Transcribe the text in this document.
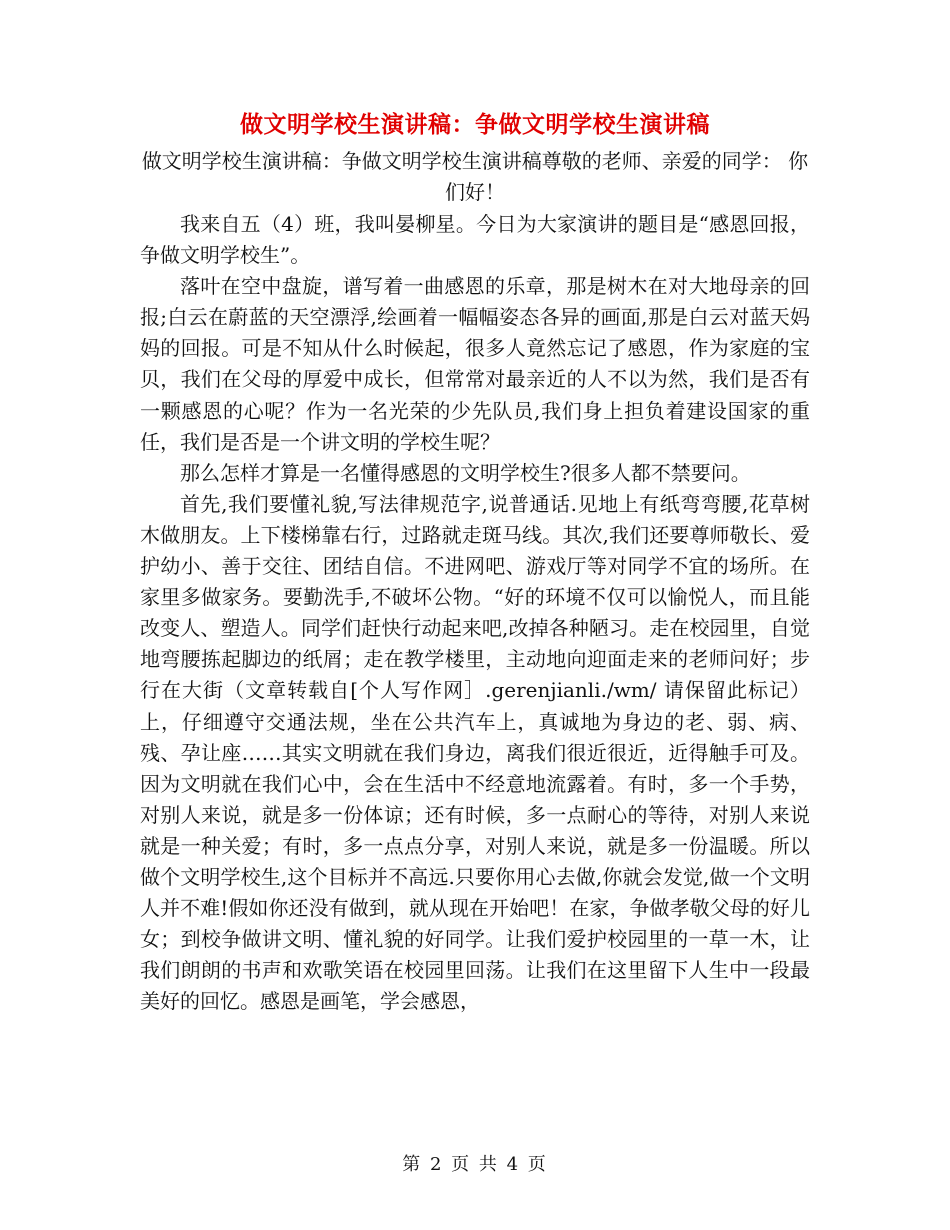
做文明学校生演讲稿：争做文明学校生演讲稿
做文明学校生演讲稿：争做文明学校生演讲稿尊敬的老师、亲爱的同学： 你们好！

我来自五（4）班，我叫晏柳星。今日为大家演讲的题目是“感恩回报，争做文明学校生”。

落叶在空中盘旋，谱写着一曲感恩的乐章，那是树木在对大地母亲的回报;白云在蔚蓝的天空漂浮,绘画着一幅幅姿态各异的画面,那是白云对蓝天妈妈的回报。可是不知从什么时候起，很多人竟然忘记了感恩，作为家庭的宝贝，我们在父母的厚爱中成长，但常常对最亲近的人不以为然，我们是否有一颗感恩的心呢？作为一名光荣的少先队员,我们身上担负着建设国家的重任，我们是否是一个讲文明的学校生呢？

那么怎样才算是一名懂得感恩的文明学校生?很多人都不禁要问。

首先,我们要懂礼貌,写法律规范字,说普通话.见地上有纸弯弯腰,花草树木做朋友。上下楼梯靠右行，过路就走斑马线。其次,我们还要尊师敬长、爱护幼小、善于交往、团结自信。不进网吧、游戏厅等对同学不宜的场所。在家里多做家务。要勤洗手,不破坏公物。“好的环境不仅可以愉悦人，而且能改变人、塑造人。同学们赶快行动起来吧,改掉各种陋习。走在校园里，自觉地弯腰拣起脚边的纸屑；走在教学楼里，主动地向迎面走来的老师问好；步行在大街（文章转载自[个人写作网］.gerenjianli./wm/ 请保留此标记）上，仔细遵守交通法规，坐在公共汽车上，真诚地为身边的老、弱、病、残、孕让座……其实文明就在我们身边，离我们很近很近，近得触手可及。因为文明就在我们心中，会在生活中不经意地流露着。有时，多一个手势，对别人来说，就是多一份体谅；还有时候，多一点耐心的等待，对别人来说就是一种关爱；有时，多一点点分享，对别人来说，就是多一份温暖。所以做个文明学校生,这个目标并不高远.只要你用心去做,你就会发觉,做一个文明人并不难!假如你还没有做到，就从现在开始吧！在家，争做孝敬父母的好儿女；到校争做讲文明、懂礼貌的好同学。让我们爱护校园里的一草一木，让我们朗朗的书声和欢歌笑语在校园里回荡。让我们在这里留下人生中一段最美好的回忆。感恩是画笔，学会感恩，

第 2 页 共 4 页
